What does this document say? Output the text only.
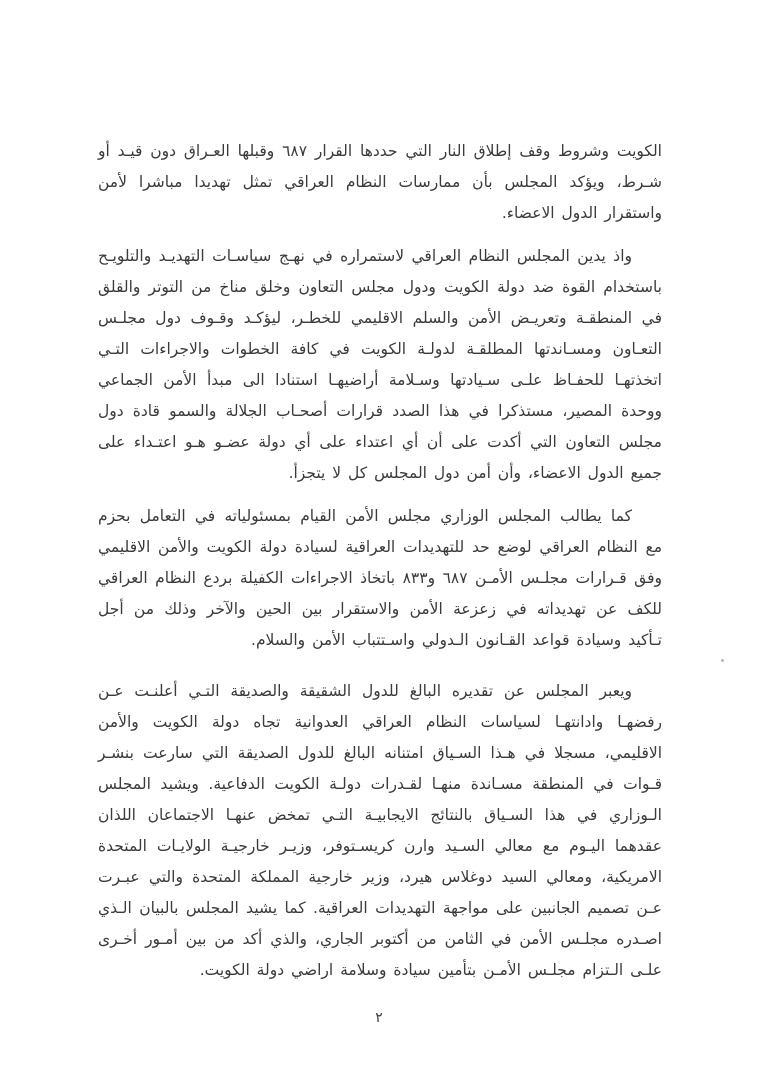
الكويت وشروط وقف إطلاق النار التي حددها القرار ٦٨٧ وقبلها العـراق دون قيـد أو شـرط، ويؤكد المجلس بأن ممارسات النظام العراقي تمثل تهديدا مباشرا لأمن واستقرار الدول الاعضاء.

واذ يدين المجلس النظام العراقي لاستمراره في نهـج سياسـات التهديـد والتلويـح باستخدام القوة ضد دولة الكويت ودول مجلس التعاون وخلق مناخ من التوتر والقلق في المنطقـة وتعريـض الأمن والسلم الاقليمي للخطـر، ليؤكـد وقـوف دول مجلـس التعـاون ومسـاندتها المطلقـة لدولـة الكويت في كافة الخطوات والاجراءات التـي اتخذتهـا للحفـاظ علـى سـيادتها وسـلامة أراضيهـا استنادا الى مبدأ الأمن الجماعي ووحدة المصير، مستذكرا في هذا الصدد قرارات أصحـاب الجلالة والسمو قادة دول مجلس التعاون التي أكدت على أن أي اعتداء على أي دولة عضـو هـو اعتـداء على جميع الدول الاعضاء، وأن أمن دول المجلس كل لا يتجزأ.

كما يطالب المجلس الوزاري مجلس الأمن القيام بمسئولياته في التعامل بحزم مع النظام العراقي لوضع حد للتهديدات العراقية لسيادة دولة الكويت والأمن الاقليمي وفق قـرارات مجلـس الأمـن ٦٨٧ و٨٣٣ باتخاذ الاجراءات الكفيلة بردع النظام العراقي للكف عن تهديداته في زعزعة الأمن والاستقرار بين الحين والآخر وذلك من أجل تـأكيد وسيادة قواعد القـانون الـدولي واسـتتباب الأمن والسلام.

ويعبر المجلس عن تقديره البالغ للدول الشقيقة والصديقة التـي أعلنـت عـن رفضهـا وادانتهـا لسياسات النظام العراقي العدوانية تجاه دولة الكويت والأمن الاقليمي، مسجلا في هـذا السـياق امتنانه البالغ للدول الصديقة التي سارعت بنشـر قـوات في المنطقة مسـاندة منهـا لقـدرات دولـة الكويت الدفاعية. ويشيد المجلس الـوزاري في هذا السـياق بالنتائج الايجابيـة التـي تمخض عنهـا الاجتماعان اللذان عقدهما اليـوم مع معالي السـيد وارن كريسـتوفر، وزيـر خارجيـة الولايـات المتحدة الامريكية، ومعالي السيد دوغلاس هيرد، وزير خارجية المملكة المتحدة والتي عبـرت عـن تصميم الجانبين على مواجهة التهديدات العراقية. كما يشيد المجلس بالبيان الـذي اصـدره مجلـس الأمن في الثامن من أكتوبر الجاري، والذي أكد من بين أمـور أخـرى علـى الـتزام مجلـس الأمـن بتأمين سيادة وسلامة اراضي دولة الكويت.

٢
